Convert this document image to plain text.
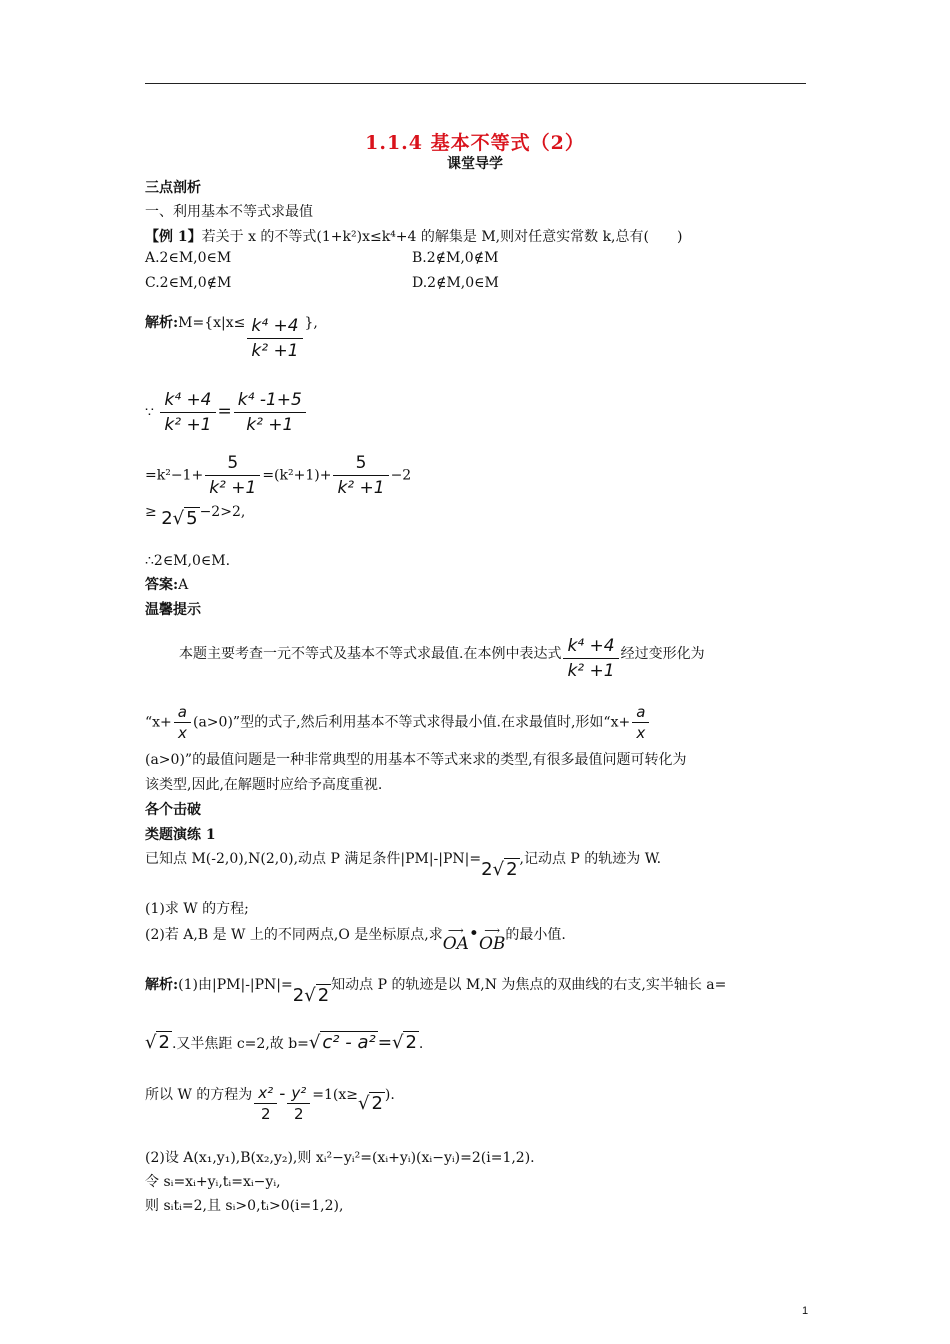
1.1.4 基本不等式（2）
课堂导学
三点剖析
一、利用基本不等式求最值
【例 1】若关于 x 的不等式(1+k²)x≤k⁴+4 的解集是 M,则对任意实常数 k,总有(　　)
A.2∈M,0∈M	B.2∉M,0∉M
C.2∈M,0∉M	D.2∉M,0∈M
解析:M={x|x≤ $\frac{\text{k⁴ +4}}{\text{k² +1}}$ },
∵ $\frac{\text{k⁴ +4}}{\text{k² +1}} = \frac{\text{k⁴ -1+5}}{\text{k² +1}}$
$=k^2-1+ \frac{5}{\text{k² +1}} =(k^2+1)+ \frac{5}{\text{k² +1}} -2$
≥ 2√ 5 −2>2,
∴2∈M,0∈M.
答案:A
温馨提示
本题主要考查一元不等式及基本不等式求最值.在本例中表达式 $\frac{\text{k⁴ +4}}{\text{k² +1}}$ 经过变形化为
“$x+ \frac{a}{x} (a>0)$”型的式子,然后利用基本不等式求得最小值.在求最值时,形如“$x+ \frac{a}{x}$
(a>0)”的最值问题是一种非常典型的用基本不等式来求的类型,有很多最值问题可转化为
该类型,因此,在解题时应给予高度重视.
各个击破
类题演练 1
已知点 M(-2,0),N(2,0),动点 P 满足条件|PM|-|PN|=2√ 2 ,记动点 P 的轨迹为 W.
(1)求 W 的方程;
(2)若 A,B 是 W 上的不同两点,O 是坐标原点,求 ⟶
OA• ⟶
OB的最小值.
解析:(1)由|PM|-|PN|=2√ 2 知动点 P 的轨迹是以 M,N 为焦点的双曲线的右支,实半轴长 a=
√ 2 .又半焦距 c=2,故 b=√ c² - a² =√ 2 .
所以 W 的方程为 $\frac{\text{x²}}{2} - \frac{\text{y²}}{2} =1(x\ge√$ 2 ).
(2)设 A(x₁,y₁),B(x₂,y₂),则 xᵢ²−yᵢ²=(xᵢ+yᵢ)(xᵢ−yᵢ)=2(i=1,2).
令 sᵢ=xᵢ+yᵢ,tᵢ=xᵢ−yᵢ,
则 sᵢtᵢ=2,且 sᵢ>0,tᵢ>0(i=1,2),
1
